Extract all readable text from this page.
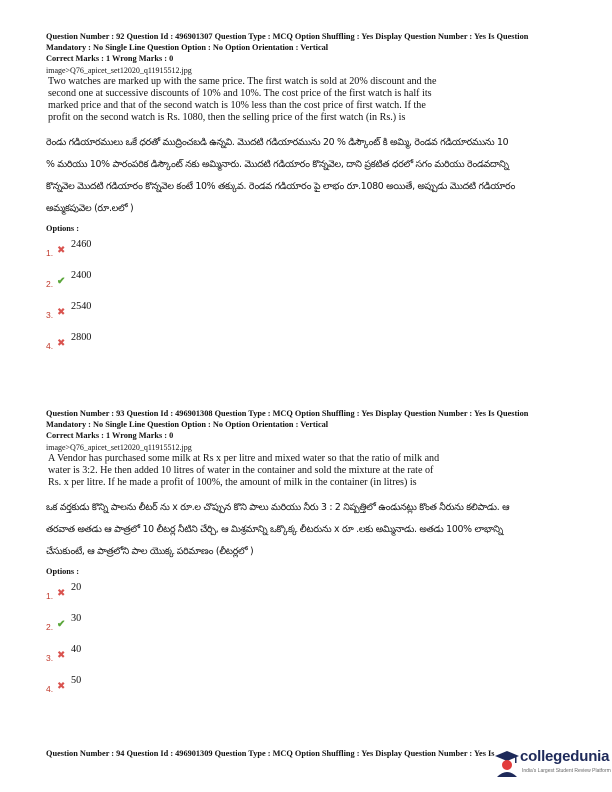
Question Number : 92 Question Id : 496901307 Question Type : MCQ Option Shuffling : Yes Display Question Number : Yes Is Question Mandatory : No Single Line Question Option : No Option Orientation : Vertical
Correct Marks : 1 Wrong Marks : 0
image>Q76_apicet_set12020_q11915512.jpg
Two watches are marked up with the same price. The first watch is sold at 20% discount and the second one at successive discounts of 10% and 10%. The cost price of the first watch is half its marked price and that of the second watch is 10% less than the cost price of first watch. If the profit on the second watch is Rs. 1080, then the selling price of the first watch (in Rs.) is
రెండు గడియారములు ఒకే ధరతో ముద్రించబడి ఉన్నవి. మొదటి గడియారమును 20 % డిస్కౌంట్ కి అమ్మి, రెండవ గడియారమును 10 % మరియు 10% పారంపరిక డిస్కౌంట్ నకు అమ్మినారు. మొదటి గడియారం కొన్నవెల, దాని ప్రకటిత ధరలో సగం మరియు రెండవదాన్ని కొన్నవెల మొదటి గడియారం కొన్నవెల కంటే 10% తక్కువ. రెండవ గడియారం పై లాభం రూ.1080 అయితే, అప్పుడు మొదటి గడియారం అమ్మకపువెల (రూ.లలో )
Options :
1. ✖
2460
2. ✔
2400
3. ✖
2540
4. ✖
2800
Question Number : 93 Question Id : 496901308 Question Type : MCQ Option Shuffling : Yes Display Question Number : Yes Is Question Mandatory : No Single Line Question Option : No Option Orientation : Vertical
Correct Marks : 1 Wrong Marks : 0
image>Q76_apicet_set12020_q11915512.jpg
A Vendor has purchased some milk at Rs x per litre and mixed water so that the ratio of milk and water is 3:2. He then added 10 litres of water in the container and sold the mixture at the rate of Rs. x per litre. If he made a profit of 100%, the amount of milk in the container (in litres) is
ఒక వర్తకుడు కొన్ని పాలను లీటర్ ను x రూ.ల చొప్పున కొని పాలు మరియు నీరు 3 : 2 నిష్పత్తిలో ఉండునట్లు కొంత నీరును కలిపాడు. ఆ తరవాత అతడు ఆ పాత్రలో 10 లీటర్ల నీటిని చేర్చి, ఆ మిశ్రమాన్ని ఒక్కొక్క లీటరును x రూ .లకు అమ్మినాడు. అతడు 100% లాభాన్ని చేసుకుంటే, ఆ పాత్రలోని పాల యొక్క పరిమాణం (లీటర్లలో )
Options :
1. ✖
20
2. ✔
30
3. ✖
40
4. ✖
50
Question Number : 94 Question Id : 496901309 Question Type : MCQ Option Shuffling : Yes Display Question Number : Yes Is collegedunia
India's Largest Student Review Platform
